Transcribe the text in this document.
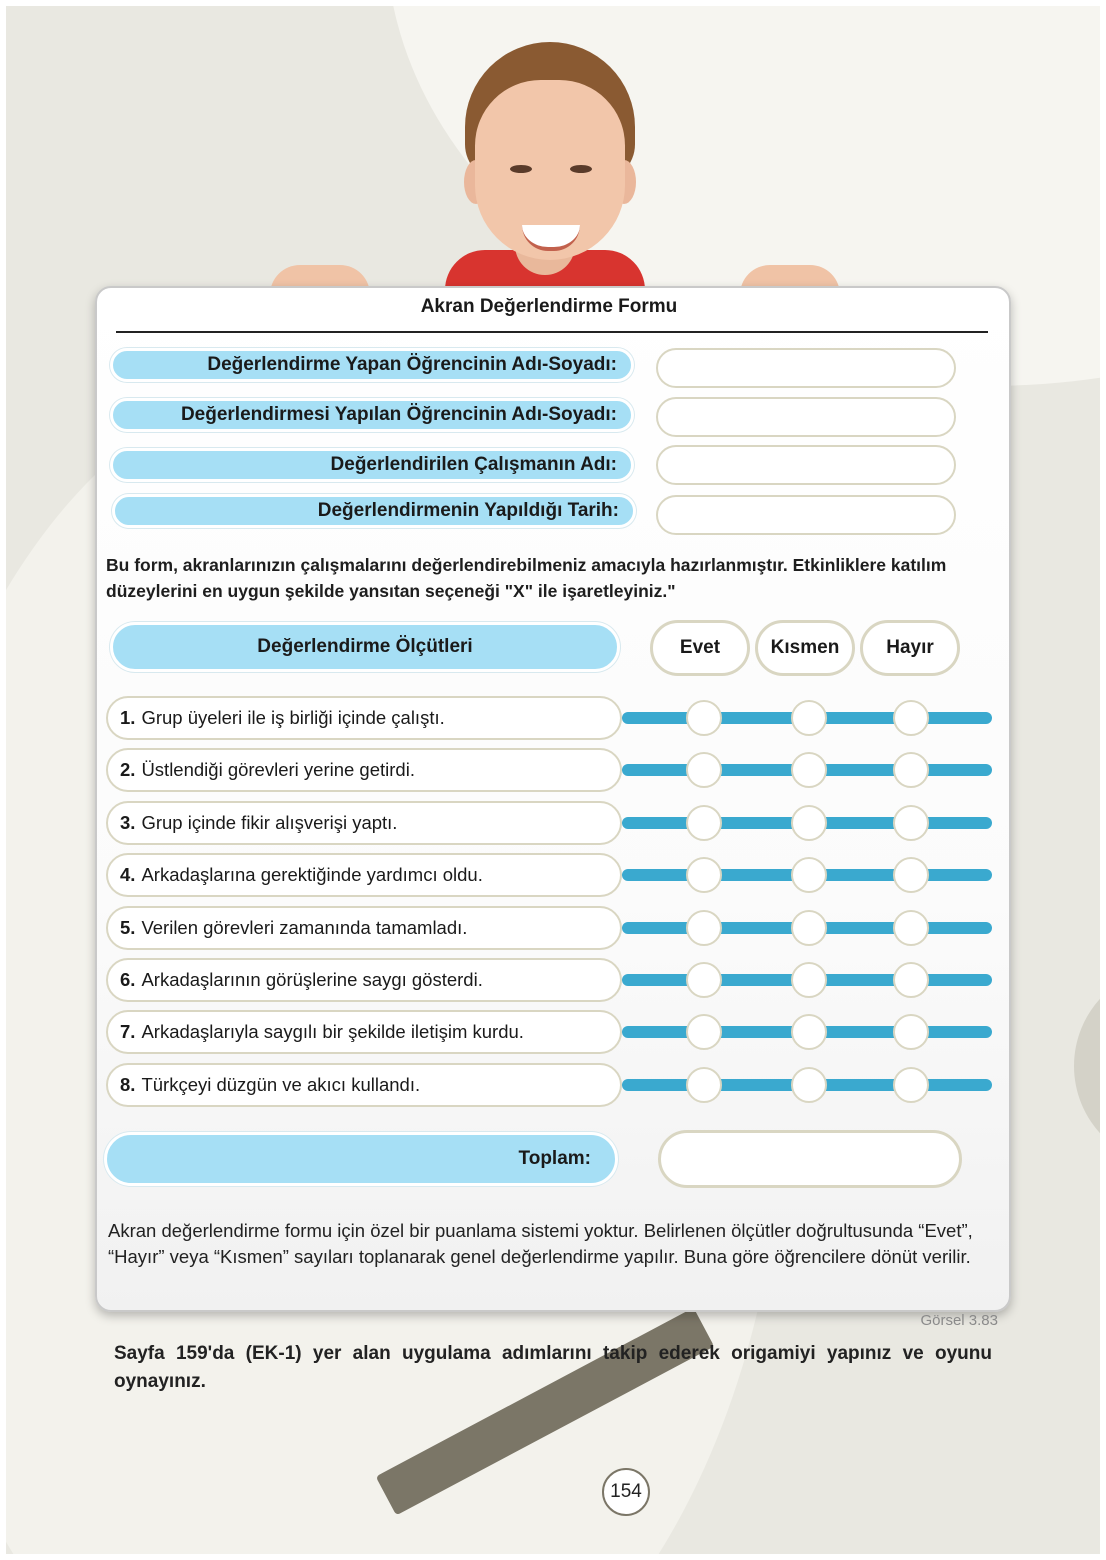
Akran Değerlendirme Formu
Değerlendirme Yapan Öğrencinin Adı-Soyadı:
Değerlendirmesi Yapılan Öğrencinin Adı-Soyadı:
Değerlendirilen Çalışmanın Adı:
Değerlendirmenin Yapıldığı Tarih:
Bu form, akranlarınızın çalışmalarını değerlendirebilmeniz amacıyla hazırlanmıştır. Etkinliklere katılım düzeylerini en uygun şekilde yansıtan seçeneği "X" ile işaretleyiniz."
Değerlendirme Ölçütleri	Evet	Kısmen	Hayır
1. Grup üyeleri ile iş birliği içinde çalıştı.
2. Üstlendiği görevleri yerine getirdi.
3. Grup içinde fikir alışverişi yaptı.
4. Arkadaşlarına gerektiğinde yardımcı oldu.
5. Verilen görevleri zamanında tamamladı.
6. Arkadaşlarının görüşlerine saygı gösterdi.
7. Arkadaşlarıyla saygılı bir şekilde iletişim kurdu.
8. Türkçeyi düzgün ve akıcı kullandı.
Toplam:
Akran değerlendirme formu için özel bir puanlama sistemi yoktur. Belirlenen ölçütler doğrultusunda “Evet”, “Hayır” veya “Kısmen” sayıları toplanarak genel değerlendirme yapılır. Buna göre öğrencilere dönüt verilir.
Görsel 3.83
Sayfa 159'da (EK-1) yer alan uygulama adımlarını takip ederek origamiyi yapınız ve oyunu oynayınız.
154
